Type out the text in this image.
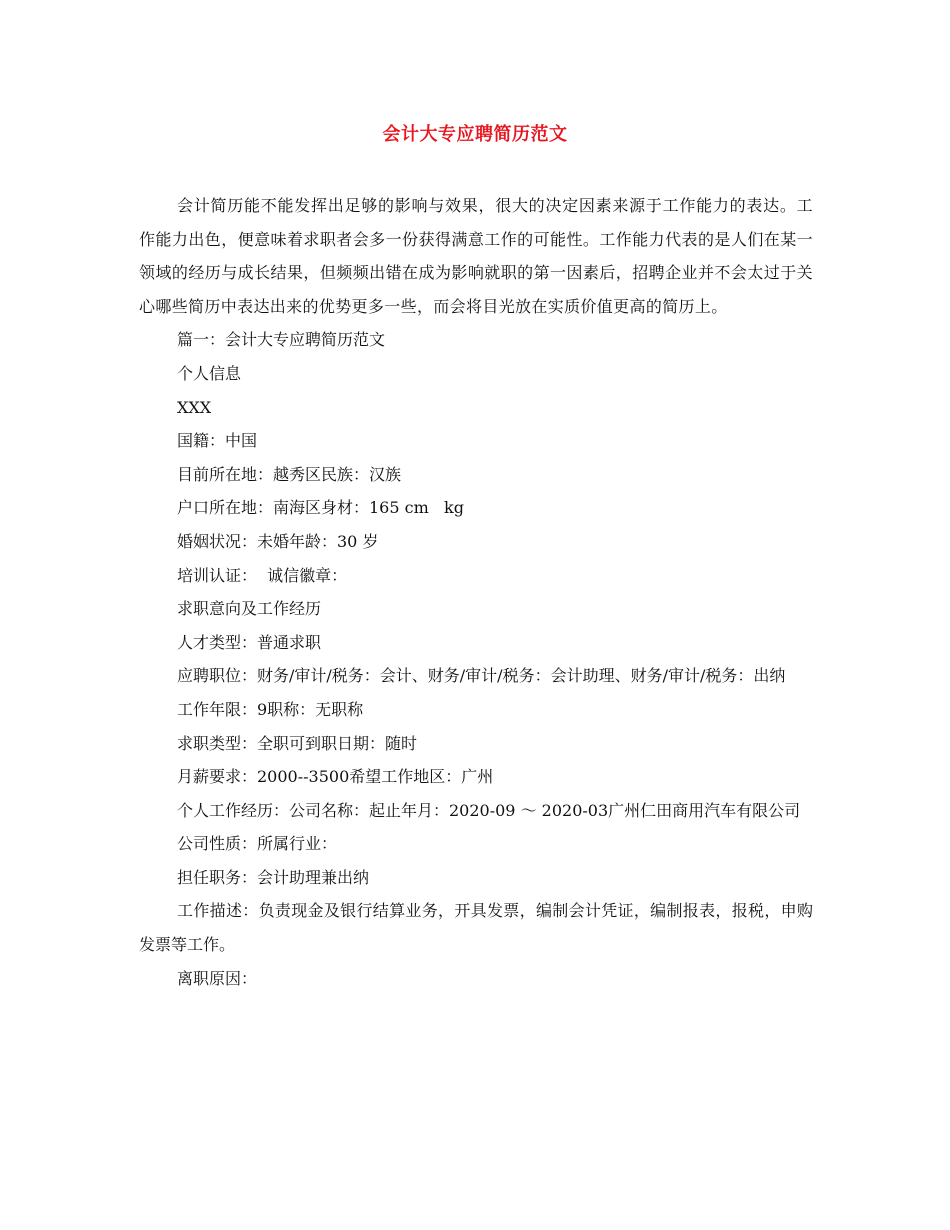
会计大专应聘简历范文

会计简历能不能发挥出足够的影响与效果，很大的决定因素来源于工作能力的表达。工作能力出色，便意味着求职者会多一份获得满意工作的可能性。工作能力代表的是人们在某一领域的经历与成长结果，但频频出错在成为影响就职的第一因素后，招聘企业并不会太过于关心哪些简历中表达出来的优势更多一些，而会将目光放在实质价值更高的简历上。

篇一：会计大专应聘简历范文

个人信息

XXX

国籍：中国

目前所在地：越秀区民族：汉族

户口所在地：南海区身材：165 cm   kg

婚姻状况：未婚年龄：30 岁

培训认证：  诚信徽章：

求职意向及工作经历

人才类型：普通求职

应聘职位：财务/审计/税务：会计、财务/审计/税务：会计助理、财务/审计/税务：出纳

工作年限：9职称：无职称

求职类型：全职可到职日期：随时

月薪要求：2000--3500希望工作地区：广州

个人工作经历：公司名称：起止年月：2020-09 ～ 2020-03广州仁田商用汽车有限公司

公司性质：所属行业：

担任职务：会计助理兼出纳

工作描述：负责现金及银行结算业务，开具发票，编制会计凭证，编制报表，报税，申购发票等工作。

离职原因：
